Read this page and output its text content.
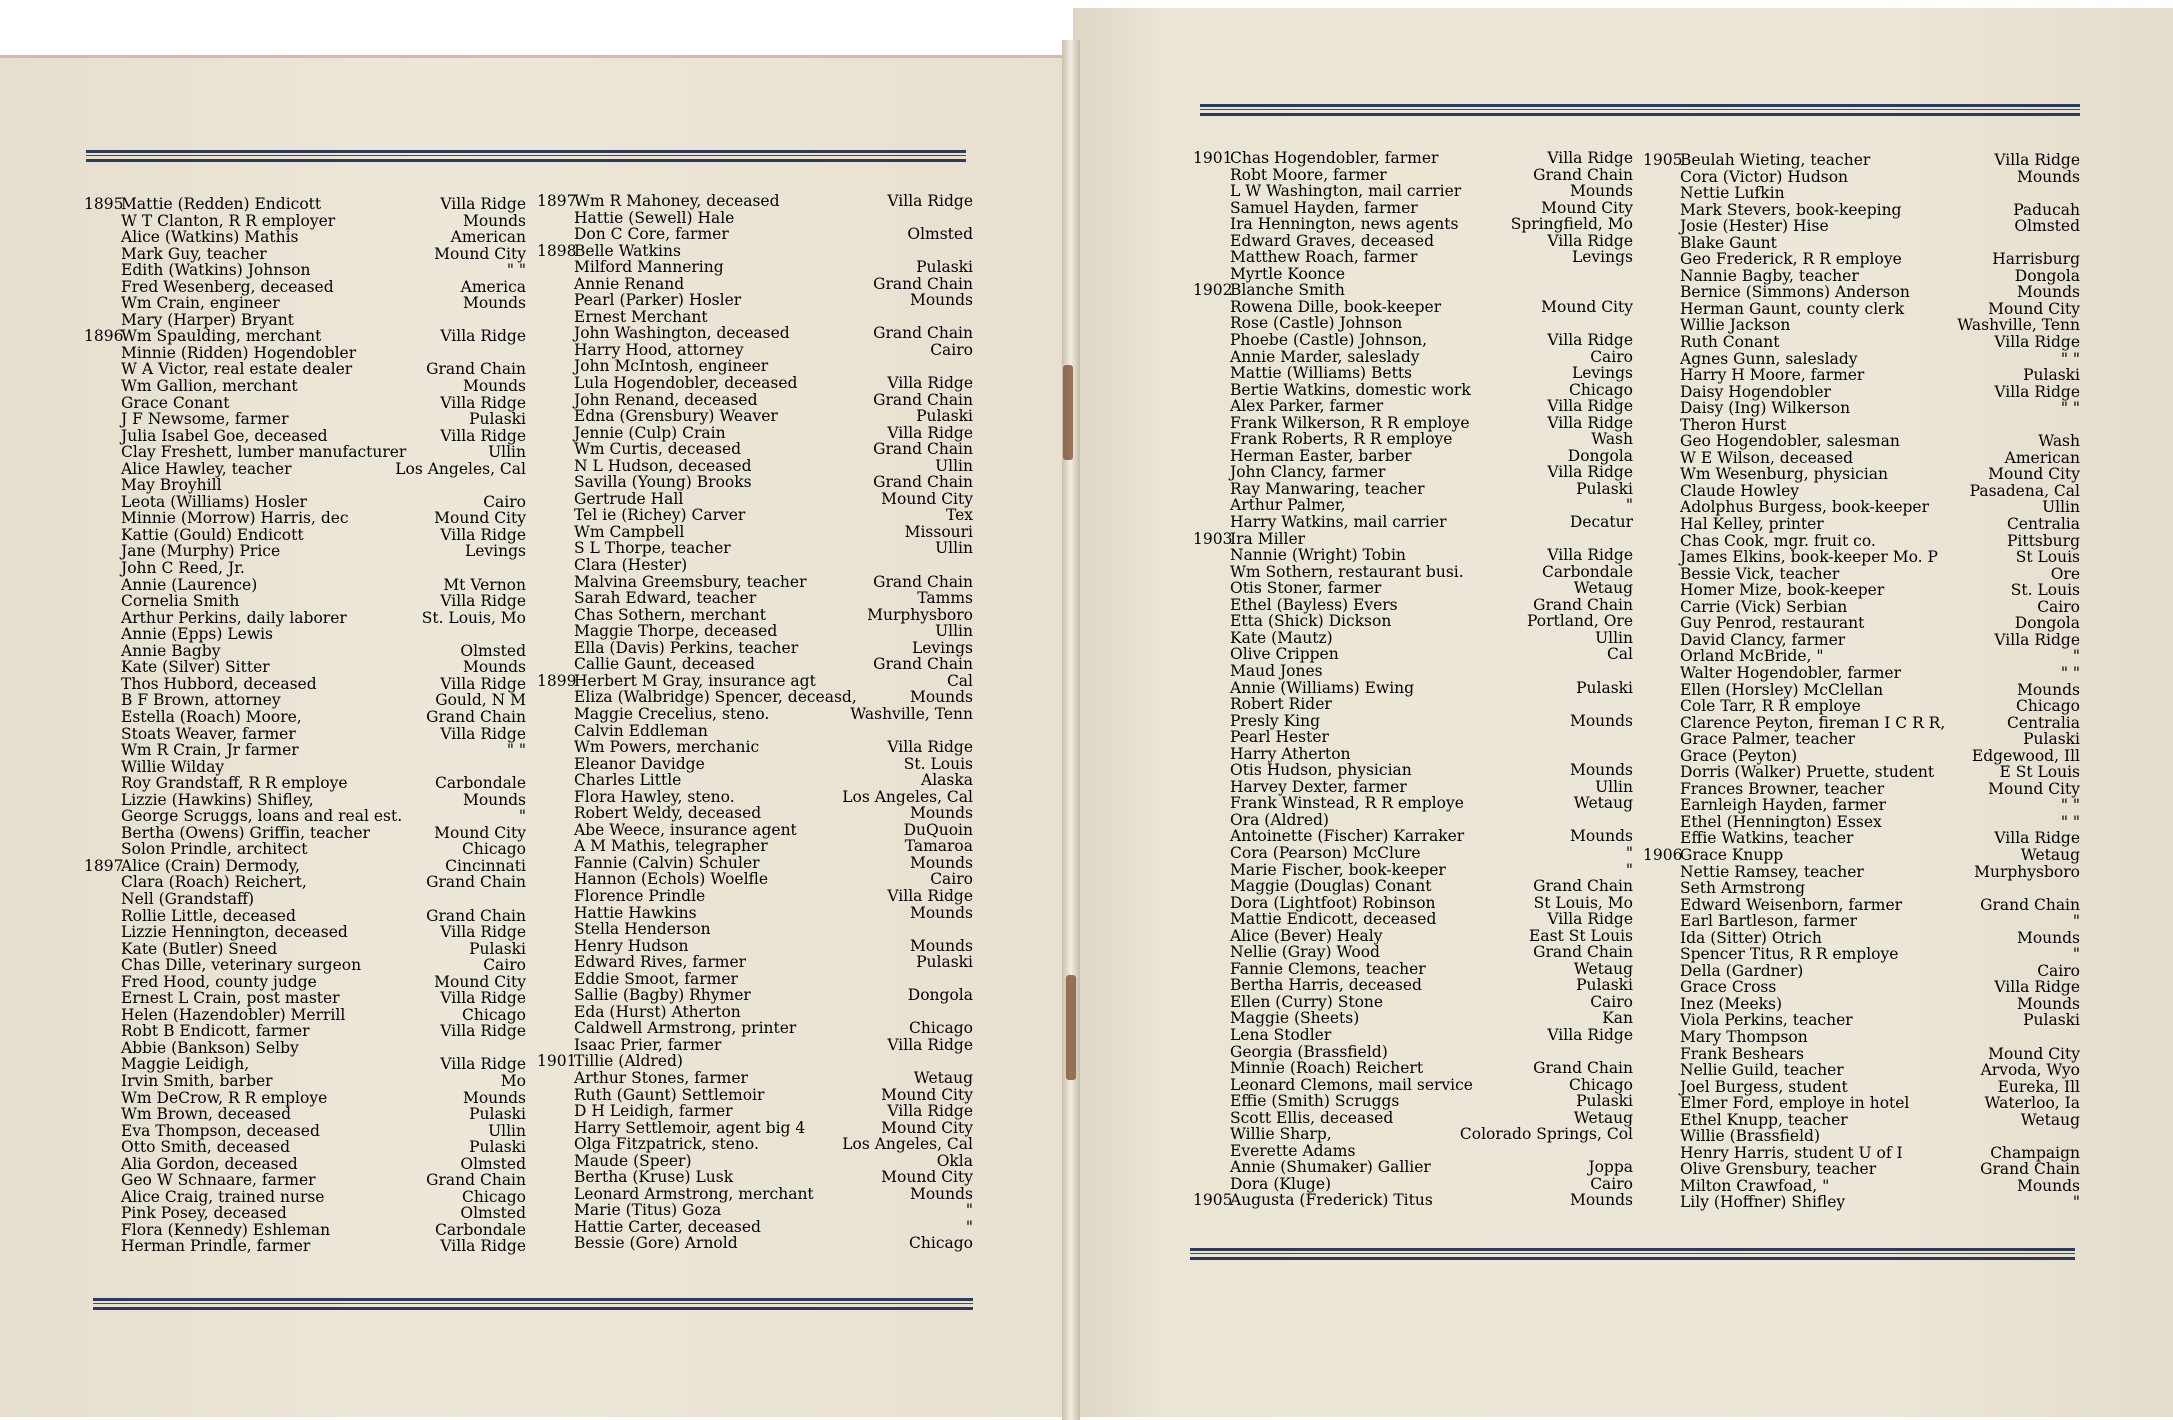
1895
Mattie (Redden) Endicott	Villa Ridge
W T Clanton, R R employer	Mounds
Alice (Watkins) Mathis	American
Mark Guy, teacher	Mound City
Edith (Watkins) Johnson	" "
Fred Wesenberg, deceased	America
Wm Crain, engineer	Mounds
Mary (Harper) Bryant
1896
Wm Spaulding, merchant	Villa Ridge
Minnie (Ridden) Hogendobler
W A Victor, real estate dealer	Grand Chain
Wm Gallion, merchant	Mounds
Grace Conant	Villa Ridge
J F Newsome, farmer	Pulaski
Julia Isabel Goe, deceased	Villa Ridge
Clay Freshett, lumber manufacturer	Ullin
Alice Hawley, teacher	Los Angeles, Cal
May Broyhill
Leota (Williams) Hosler	Cairo
Minnie (Morrow) Harris, dec	Mound City
Kattie (Gould) Endicott	Villa Ridge
Jane (Murphy) Price	Levings
John C Reed, Jr.
Annie (Laurence)	Mt Vernon
Cornelia Smith	Villa Ridge
Arthur Perkins, daily laborer	St. Louis, Mo
Annie (Epps) Lewis
Annie Bagby	Olmsted
Kate (Silver) Sitter	Mounds
Thos Hubbord, deceased	Villa Ridge
B F Brown, attorney	Gould, N M
Estella (Roach) Moore,	Grand Chain
Stoats Weaver, farmer	Villa Ridge
Wm R Crain, Jr farmer	" "
Willie Wilday
Roy Grandstaff, R R employe	Carbondale
Lizzie (Hawkins) Shifley,	Mounds
George Scruggs, loans and real est.	"
Bertha (Owens) Griffin, teacher	Mound City
Solon Prindle, architect	Chicago
1897
Alice (Crain) Dermody,	Cincinnati
Clara (Roach) Reichert,	Grand Chain
Nell (Grandstaff)
Rollie Little, deceased	Grand Chain
Lizzie Hennington, deceased	Villa Ridge
Kate (Butler) Sneed	Pulaski
Chas Dille, veterinary surgeon	Cairo
Fred Hood, county judge	Mound City
Ernest L Crain, post master	Villa Ridge
Helen (Hazendobler) Merrill	Chicago
Robt B Endicott, farmer	Villa Ridge
Abbie (Bankson) Selby
Maggie Leidigh,	Villa Ridge
Irvin Smith, barber	Mo
Wm DeCrow, R R employe	Mounds
Wm Brown, deceased	Pulaski
Eva Thompson, deceased	Ullin
Otto Smith, deceased	Pulaski
Alia Gordon, deceased	Olmsted
Geo W Schnaare, farmer	Grand Chain
Alice Craig, trained nurse	Chicago
Pink Posey, deceased	Olmsted
Flora (Kennedy) Eshleman	Carbondale
Herman Prindle, farmer	Villa Ridge
1897
Wm R Mahoney, deceased	Villa Ridge
Hattie (Sewell) Hale
Don C Core, farmer	Olmsted
1898
Belle Watkins
Milford Mannering	Pulaski
Annie Renand	Grand Chain
Pearl (Parker) Hosler	Mounds
Ernest Merchant
John Washington, deceased	Grand Chain
Harry Hood, attorney	Cairo
John McIntosh, engineer
Lula Hogendobler, deceased	Villa Ridge
John Renand, deceased	Grand Chain
Edna (Grensbury) Weaver	Pulaski
Jennie (Culp) Crain	Villa Ridge
Wm Curtis, deceased	Grand Chain
N L Hudson, deceased	Ullin
Savilla (Young) Brooks	Grand Chain
Gertrude Hall	Mound City
Tel ie (Richey) Carver	Tex
Wm Campbell	Missouri
S L Thorpe, teacher	Ullin
Clara (Hester)
Malvina Greemsbury, teacher	Grand Chain
Sarah Edward, teacher	Tamms
Chas Sothern, merchant	Murphysboro
Maggie Thorpe, deceased	Ullin
Ella (Davis) Perkins, teacher	Levings
Callie Gaunt, deceased	Grand Chain
1899
Herbert M Gray, insurance agt	Cal
Eliza (Walbridge) Spencer, deceasd,	Mounds
Maggie Crecelius, steno.	Washville, Tenn
Calvin Eddleman
Wm Powers, merchanic	Villa Ridge
Eleanor Davidge	St. Louis
Charles Little	Alaska
Flora Hawley, steno.	Los Angeles, Cal
Robert Weldy, deceased	Mounds
Abe Weece, insurance agent	DuQuoin
A M Mathis, telegrapher	Tamaroa
Fannie (Calvin) Schuler	Mounds
Hannon (Echols) Woelfle	Cairo
Florence Prindle	Villa Ridge
Hattie Hawkins	Mounds
Stella Henderson
Henry Hudson	Mounds
Edward Rives, farmer	Pulaski
Eddie Smoot, farmer
Sallie (Bagby) Rhymer	Dongola
Eda (Hurst) Atherton
Caldwell Armstrong, printer	Chicago
Isaac Prier, farmer	Villa Ridge
1901
Tillie (Aldred)
Arthur Stones, farmer	Wetaug
Ruth (Gaunt) Settlemoir	Mound City
D H Leidigh, farmer	Villa Ridge
Harry Settlemoir, agent big 4	Mound City
Olga Fitzpatrick, steno.	Los Angeles, Cal
Maude (Speer)	Okla
Bertha (Kruse) Lusk	Mound City
Leonard Armstrong, merchant	Mounds
Marie (Titus) Goza	"
Hattie Carter, deceased	"
Bessie (Gore) Arnold	Chicago
1901
Chas Hogendobler, farmer	Villa Ridge
Robt Moore, farmer	Grand Chain
L W Washington, mail carrier	Mounds
Samuel Hayden, farmer	Mound City
Ira Hennington, news agents	Springfield, Mo
Edward Graves, deceased	Villa Ridge
Matthew Roach, farmer	Levings
Myrtle Koonce
1902
Blanche Smith
Rowena Dille, book-keeper	Mound City
Rose (Castle) Johnson
Phoebe (Castle) Johnson,	Villa Ridge
Annie Marder, saleslady	Cairo
Mattie (Williams) Betts	Levings
Bertie Watkins, domestic work	Chicago
Alex Parker, farmer	Villa Ridge
Frank Wilkerson, R R employe	Villa Ridge
Frank Roberts, R R employe	Wash
Herman Easter, barber	Dongola
John Clancy, farmer	Villa Ridge
Ray Manwaring, teacher	Pulaski
Arthur Palmer,	"
Harry Watkins, mail carrier	Decatur
1903
Ira Miller
Nannie (Wright) Tobin	Villa Ridge
Wm Sothern, restaurant busi.	Carbondale
Otis Stoner, farmer	Wetaug
Ethel (Bayless) Evers	Grand Chain
Etta (Shick) Dickson	Portland, Ore
Kate (Mautz)	Ullin
Olive Crippen	Cal
Maud Jones
Annie (Williams) Ewing	Pulaski
Robert Rider
Presly King	Mounds
Pearl Hester
Harry Atherton
Otis Hudson, physician	Mounds
Harvey Dexter, farmer	Ullin
Frank Winstead, R R employe	Wetaug
Ora (Aldred)
Antoinette (Fischer) Karraker	Mounds
Cora (Pearson) McClure	"
Marie Fischer, book-keeper	"
Maggie (Douglas) Conant	Grand Chain
Dora (Lightfoot) Robinson	St Louis, Mo
Mattie Endicott, deceased	Villa Ridge
Alice (Bever) Healy	East St Louis
Nellie (Gray) Wood	Grand Chain
Fannie Clemons, teacher	Wetaug
Bertha Harris, deceased	Pulaski
Ellen (Curry) Stone	Cairo
Maggie (Sheets)	Kan
Lena Stodler	Villa Ridge
Georgia (Brassfield)
Minnie (Roach) Reichert	Grand Chain
Leonard Clemons, mail service	Chicago
Effie (Smith) Scruggs	Pulaski
Scott Ellis, deceased	Wetaug
Willie Sharp,	Colorado Springs, Col
Everette Adams
Annie (Shumaker) Gallier	Joppa
Dora (Kluge)	Cairo
1905
Augusta (Frederick) Titus	Mounds
1905
Beulah Wieting, teacher	Villa Ridge
Cora (Victor) Hudson	Mounds
Nettie Lufkin
Mark Stevers, book-keeping	Paducah
Josie (Hester) Hise	Olmsted
Blake Gaunt
Geo Frederick, R R employe	Harrisburg
Nannie Bagby, teacher	Dongola
Bernice (Simmons) Anderson	Mounds
Herman Gaunt, county clerk	Mound City
Willie Jackson	Washville, Tenn
Ruth Conant	Villa Ridge
Agnes Gunn, saleslady	" "
Harry H Moore, farmer	Pulaski
Daisy Hogendobler	Villa Ridge
Daisy (Ing) Wilkerson	" "
Theron Hurst
Geo Hogendobler, salesman	Wash
W E Wilson, deceased	American
Wm Wesenburg, physician	Mound City
Claude Howley	Pasadena, Cal
Adolphus Burgess, book-keeper	Ullin
Hal Kelley, printer	Centralia
Chas Cook, mgr. fruit co.	Pittsburg
James Elkins, book-keeper Mo. P	St Louis
Bessie Vick, teacher	Ore
Homer Mize, book-keeper	St. Louis
Carrie (Vick) Serbian	Cairo
Guy Penrod, restaurant	Dongola
David Clancy, farmer	Villa Ridge
Orland McBride, "	"
Walter Hogendobler, farmer	" "
Ellen (Horsley) McClellan	Mounds
Cole Tarr, R R employe	Chicago
Clarence Peyton, fireman I C R R,	Centralia
Grace Palmer, teacher	Pulaski
Grace (Peyton)	Edgewood, Ill
Dorris (Walker) Pruette, student	E St Louis
Frances Browner, teacher	Mound City
Earnleigh Hayden, farmer	" "
Ethel (Hennington) Essex	" "
Effie Watkins, teacher	Villa Ridge
1906
Grace Knupp	Wetaug
Nettie Ramsey, teacher	Murphysboro
Seth Armstrong
Edward Weisenborn, farmer	Grand Chain
Earl Bartleson, farmer	"
Ida (Sitter) Otrich	Mounds
Spencer Titus, R R employe	"
Della (Gardner)	Cairo
Grace Cross	Villa Ridge
Inez (Meeks)	Mounds
Viola Perkins, teacher	Pulaski
Mary Thompson
Frank Beshears	Mound City
Nellie Guild, teacher	Arvoda, Wyo
Joel Burgess, student	Eureka, Ill
Elmer Ford, employe in hotel	Waterloo, Ia
Ethel Knupp, teacher	Wetaug
Willie (Brassfield)
Henry Harris, student U of I	Champaign
Olive Grensbury, teacher	Grand Chain
Milton Crawfoad, "	Mounds
Lily (Hoffner) Shifley	"
